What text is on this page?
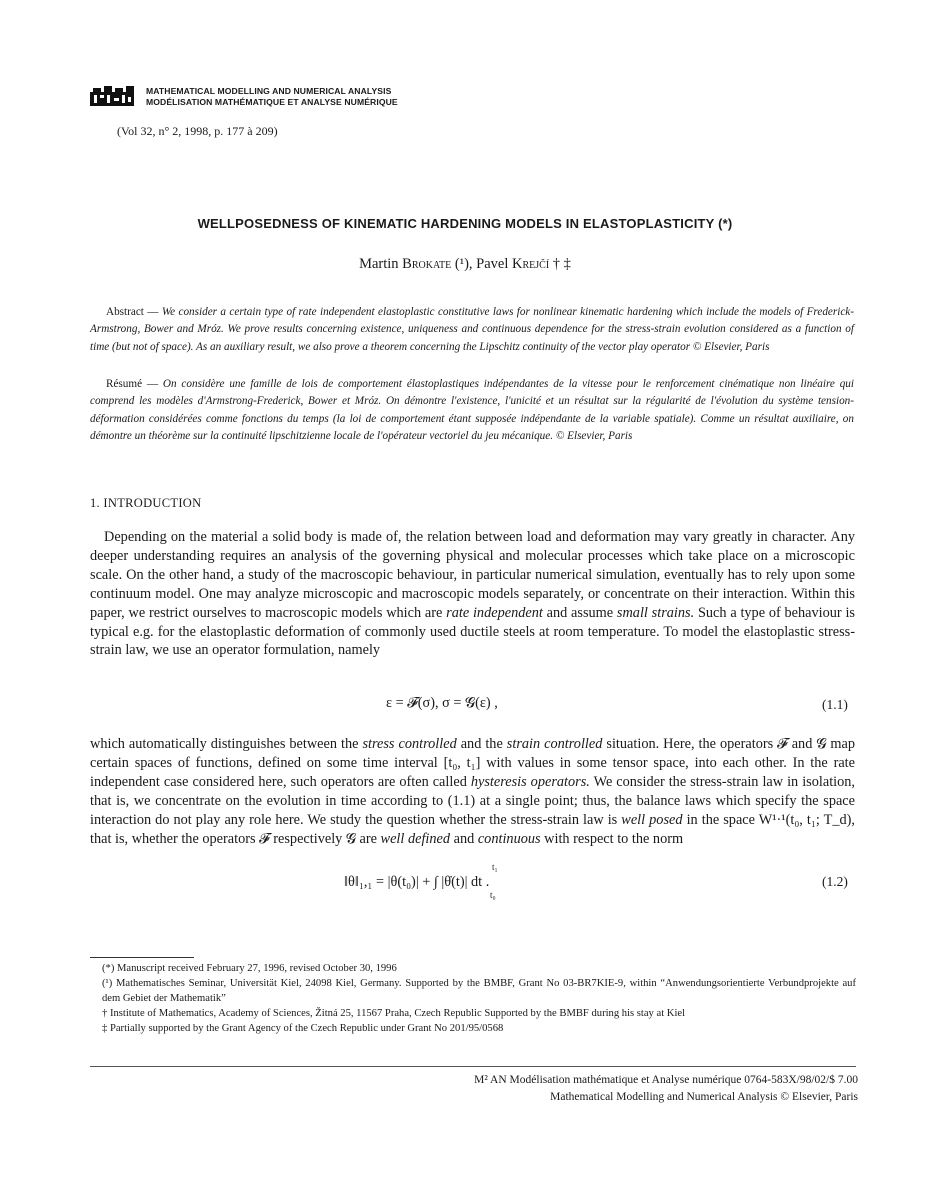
MATHEMATICAL MODELLING AND NUMERICAL ANALYSIS
MODÉLISATION MATHÉMATIQUE ET ANALYSE NUMÉRIQUE
(Vol 32, n° 2, 1998, p. 177 à 209)
WELLPOSEDNESS OF KINEMATIC HARDENING MODELS IN ELASTOPLASTICITY (*)
Martin Brokate (¹), Pavel Krejčí † ‡
Abstract — We consider a certain type of rate independent elastoplastic constitutive laws for nonlinear kinematic hardening which include the models of Frederick-Armstrong, Bower and Mróz. We prove results concerning existence, uniqueness and continuous dependence for the stress-strain evolution considered as a function of time (but not of space). As an auxiliary result, we also prove a theorem concerning the Lipschitz continuity of the vector play operator © Elsevier, Paris
Résumé — On considère une famille de lois de comportement élastoplastiques indépendantes de la vitesse pour le renforcement cinématique non linéaire qui comprend les modèles d'Armstrong-Frederick, Bower et Mróz. On démontre l'existence, l'unicité et un résultat sur la régularité de l'évolution du système tension-déformation considérées comme fonctions du temps (la loi de comportement étant supposée indépendante de la variable spatiale). Comme un résultat auxiliaire, on démontre un théorème sur la continuité lipschitzienne locale de l'opérateur vectoriel du jeu mécanique. © Elsevier, Paris
1. INTRODUCTION
Depending on the material a solid body is made of, the relation between load and deformation may vary greatly in character. Any deeper understanding requires an analysis of the governing physical and molecular processes which take place on a microscopic scale. On the other hand, a study of the macroscopic behaviour, in particular numerical simulation, eventually has to rely upon some continuum model. One may analyze microscopic and macroscopic models separately, or concentrate on their interaction. Within this paper, we restrict ourselves to macroscopic models which are rate independent and assume small strains. Such a type of behaviour is typical e.g. for the elastoplastic deformation of commonly used ductile steels at room temperature. To model the elastoplastic stress-strain law, we use an operator formulation, namely
ε = 𝓕(σ), σ = 𝓖(ε) ,	(1.1)
which automatically distinguishes between the stress controlled and the strain controlled situation. Here, the operators 𝓕 and 𝓖 map certain spaces of functions, defined on some time interval [t₀, t₁] with values in some tensor space, into each other. In the rate independent case considered here, such operators are often called hysteresis operators. We consider the stress-strain law in isolation, that is, we concentrate on the evolution in time according to (1.1) at a single point; thus, the balance laws which specify the space interaction do not play any role here. We study the question whether the stress-strain law is well posed in the space W¹·¹(t₀, t₁; T_d), that is, whether the operators 𝓕 respectively 𝓖 are well defined and continuous with respect to the norm
‖θ‖₁,₁ = |θ(t₀)| + ∫ |θ̇(t)| dt .
t₁
t₀
(1.2)

(*) Manuscript received February 27, 1996, revised October 30, 1996

(¹) Mathematisches Seminar, Universität Kiel, 24098 Kiel, Germany. Supported by the BMBF, Grant No 03-BR7KIE-9, within “Anwendungsorientierte Verbundprojekte auf dem Gebiet der Mathematik”

† Institute of Mathematics, Academy of Sciences, Žitná 25, 11567 Praha, Czech Republic Supported by the BMBF during his stay at Kiel

‡ Partially supported by the Grant Agency of the Czech Republic under Grant No 201/95/0568

M² AN Modélisation mathématique et Analyse numérique 0764-583X/98/02/$ 7.00
Mathematical Modelling and Numerical Analysis © Elsevier, Paris
